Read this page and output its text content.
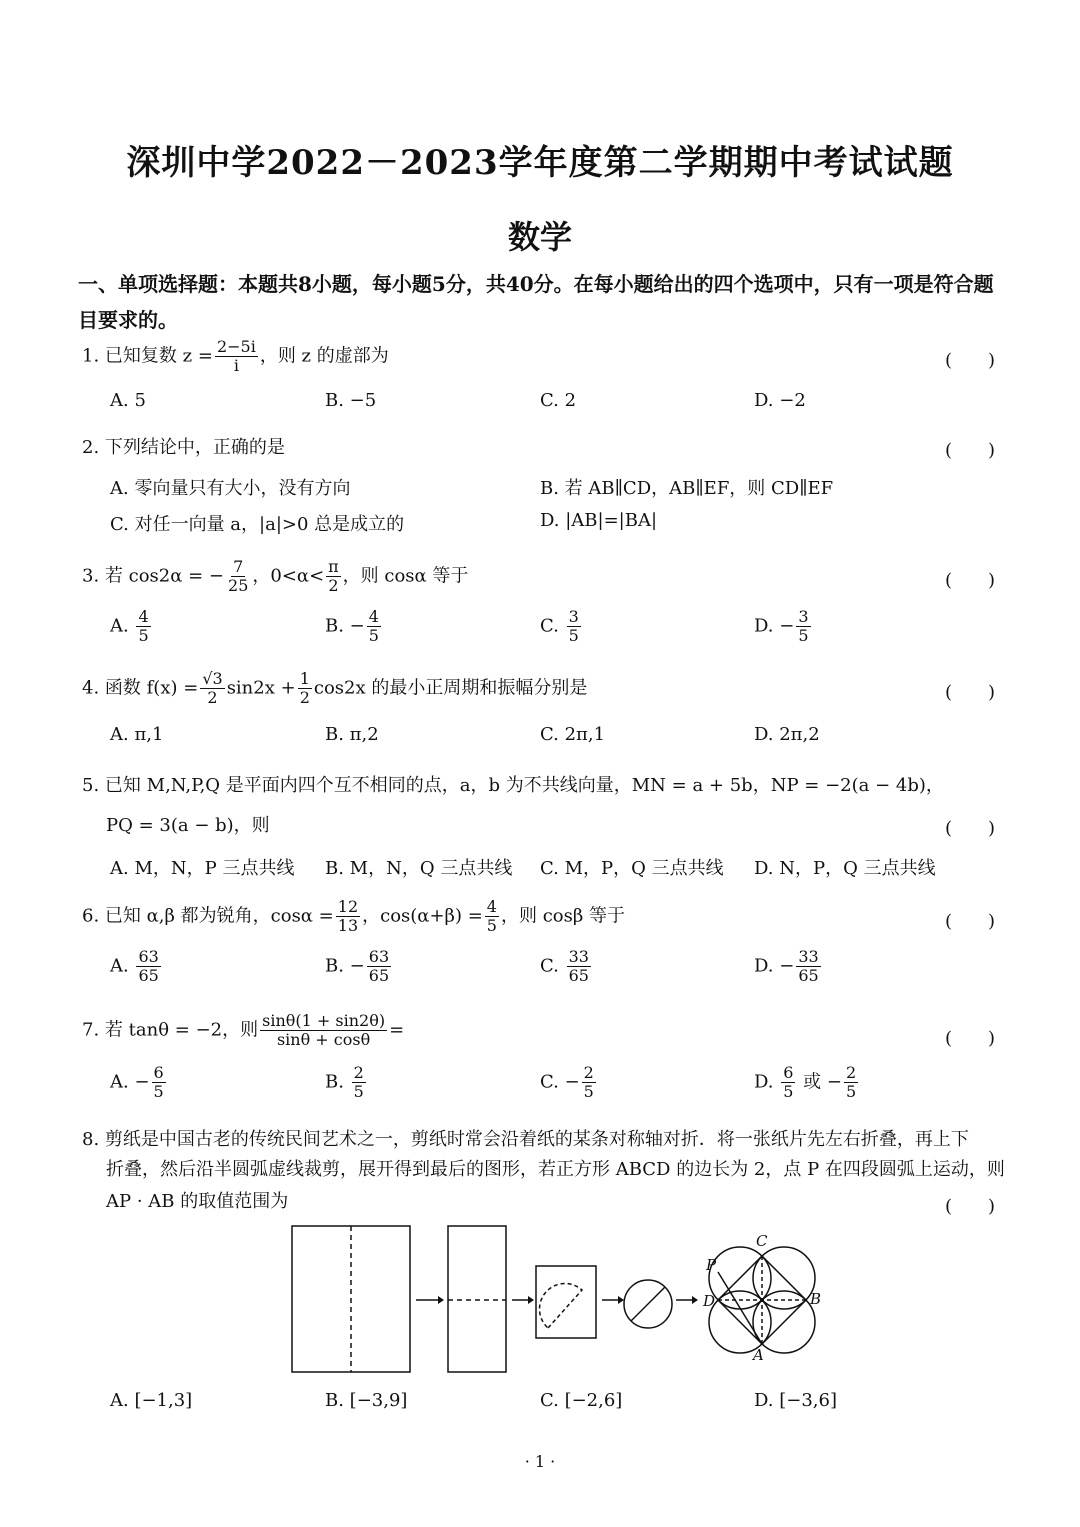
深圳中学2022－2023学年度第二学期期中考试试题
数学
一、单项选择题：本题共8小题，每小题5分，共40分。在每小题给出的四个选项中，只有一项是符合题目要求的。
1. 已知复数 $z = \frac{2-5i}{i}$ ，则 z 的虚部为	(　　)
A. 5	B. −5	C. 2	D. −2
2. 下列结论中，正确的是	(　　)
A. 零向量只有大小，没有方向	B. 若 AB∥CD，AB∥EF，则 CD∥EF
C. 对任一向量 a，|a|>0 总是成立的	D. |AB|=|BA|
3. 若 cos2α = − $\frac{7}{25}$ ，$0<\alpha< \frac{\pi}{2}$ ，则 cosα 等于	(　　)
A. $\frac{4}{5}$	B. − $\frac{4}{5}$	C. $\frac{3}{5}$	D. − $\frac{3}{5}$
4. 函数 $f(x) = \frac{√3}{2} \sin 2x + \frac{1}{2} \cos 2x$ 的最小正周期和振幅分别是	(　　)
A. π,1	B. π,2	C. 2π,1	D. 2π,2
5. 已知 M,N,P,Q 是平面内四个互不相同的点，a，b 为不共线向量，MN = a + 5b，NP = −2(a − 4b)，
PQ = 3(a − b)，则	(　　)
A. M，N，P 三点共线 B. M，N，Q 三点共线 C. M，P，Q 三点共线 D. N，P，Q 三点共线
6. 已知 α,β 都为锐角，$\cos\alpha = \frac{12}{13}$ ，$\cos(\alpha+\beta) = \frac{4}{5}$ ，则 cosβ 等于	(　　)
A. $\frac{63}{65}$	B. − $\frac{63}{65}$	C. $\frac{33}{65}$	D. − $\frac{33}{65}$
7. 若 tanθ = −2，则 $\frac{\sin\theta(1 + \sin 2\theta)}{\sin\theta + \cos\theta}$ =	(　　)
A. − $\frac{6}{5}$	B. $\frac{2}{5}$	C. − $\frac{2}{5}$	D. $\frac{6}{5}$ 或 − $\frac{2}{5}$
8. 剪纸是中国古老的传统民间艺术之一，剪纸时常会沿着纸的某条对称轴对折．将一张纸片先左右折叠，再上下
折叠，然后沿半圆弧虚线裁剪，展开得到最后的图形，若正方形 ABCD 的边长为 2，点 P 在四段圆弧上运动，则
AP · AB 的取值范围为	(　　)
P
C
D	B
A
A. [−1,3]	B. [−3,9]	C. [−2,6]	D. [−3,6]
· 1 ·
